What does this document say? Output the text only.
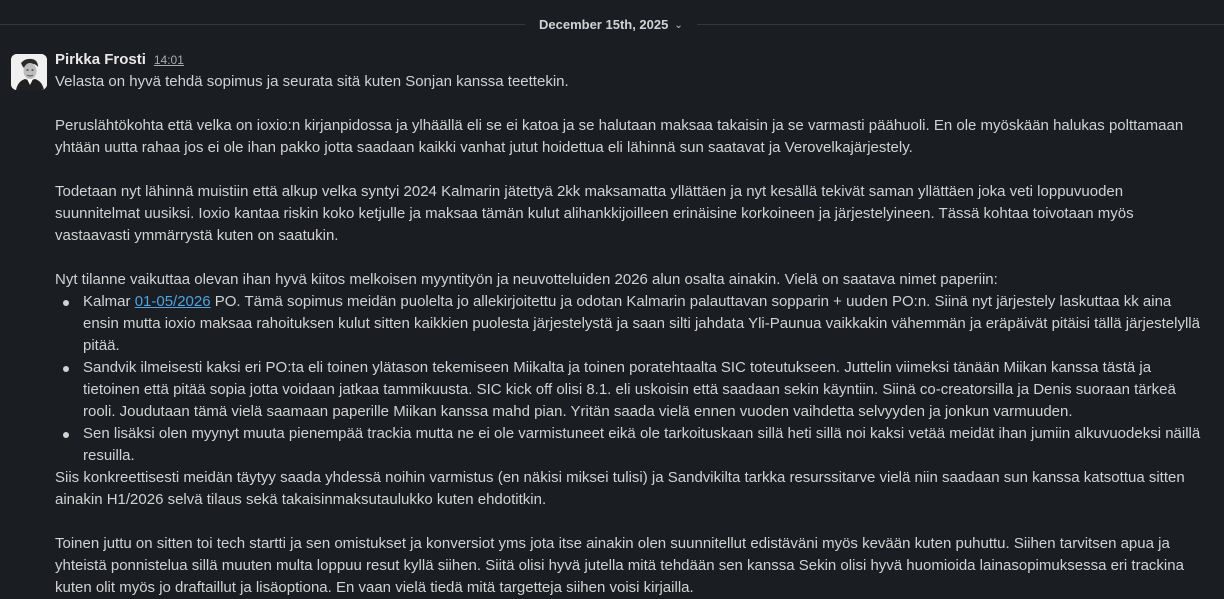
December 15th, 2025 ⌄
Pirkka Frosti 14:01

Velasta on hyvä tehdä sopimus ja seurata sitä kuten Sonjan kanssa teettekin.

Peruslähtökohta että velka on ioxio:n kirjanpidossa ja ylhäällä eli se ei katoa ja se halutaan maksaa takaisin ja se varmasti päähuoli. En ole myöskään halukas polttamaan yhtään uutta rahaa jos ei ole ihan pakko jotta saadaan kaikki vanhat jutut hoidettua eli lähinnä sun saatavat ja Verovelkajärjestely.

Todetaan nyt lähinnä muistiin että alkup velka syntyi 2024 Kalmarin jätettyä 2kk maksamatta yllättäen ja nyt kesällä tekivät saman yllättäen joka veti loppuvuoden suunnitelmat uusiksi. Ioxio kantaa riskin koko ketjulle ja maksaa tämän kulut alihankkijoilleen erinäisine korkoineen ja järjestelyineen. Tässä kohtaa toivotaan myös vastaavasti ymmärrystä kuten on saatukin.

Nyt tilanne vaikuttaa olevan ihan hyvä kiitos melkoisen myyntityön ja neuvotteluiden 2026 alun osalta ainakin. Vielä on saatava nimet paperiin:

Kalmar 01-05/2026 PO. Tämä sopimus meidän puolelta jo allekirjoitettu ja odotan Kalmarin palauttavan sopparin + uuden PO:n. Siinä nyt järjestely laskuttaa kk aina ensin mutta ioxio maksaa rahoituksen kulut sitten kaikkien puolesta järjestelystä ja saan silti jahdata Yli-Paunua vaikkakin vähemmän ja eräpäivät pitäisi tällä järjestelyllä pitää.
Sandvik ilmeisesti kaksi eri PO:ta eli toinen ylätason tekemiseen Miikalta ja toinen poratehtaalta SIC toteutukseen. Juttelin viimeksi tänään Miikan kanssa tästä ja tietoinen että pitää sopia jotta voidaan jatkaa tammikuusta. SIC kick off olisi 8.1. eli uskoisin että saadaan sekin käyntiin. Siinä co-creatorsilla ja Denis suoraan tärkeä rooli. Joudutaan tämä vielä saamaan paperille Miikan kanssa mahd pian. Yritän saada vielä ennen vuoden vaihdetta selvyyden ja jonkun varmuuden.
Sen lisäksi olen myynyt muuta pienempää trackia mutta ne ei ole varmistuneet eikä ole tarkoituskaan sillä heti sillä noi kaksi vetää meidät ihan jumiin alkuvuodeksi näillä resuilla.

Siis konkreettisesti meidän täytyy saada yhdessä noihin varmistus (en näkisi miksei tulisi) ja Sandvikilta tarkka resurssitarve vielä niin saadaan sun kanssa katsottua sitten ainakin H1/2026 selvä tilaus sekä takaisinmaksutaulukko kuten ehdotitkin.

Toinen juttu on sitten toi tech startti ja sen omistukset ja konversiot yms jota itse ainakin olen suunnitellut edistäväni myös kevään kuten puhuttu. Siihen tarvitsen apua ja yhteistä ponnistelua sillä muuten multa loppuu resut kyllä siihen. Siitä olisi hyvä jutella mitä tehdään sen kanssa Sekin olisi hyvä huomioida lainasopimuksessa eri trackina kuten olit myös jo draftaillut ja lisäoptiona. En vaan vielä tiedä mitä targetteja siihen voisi kirjailla.
